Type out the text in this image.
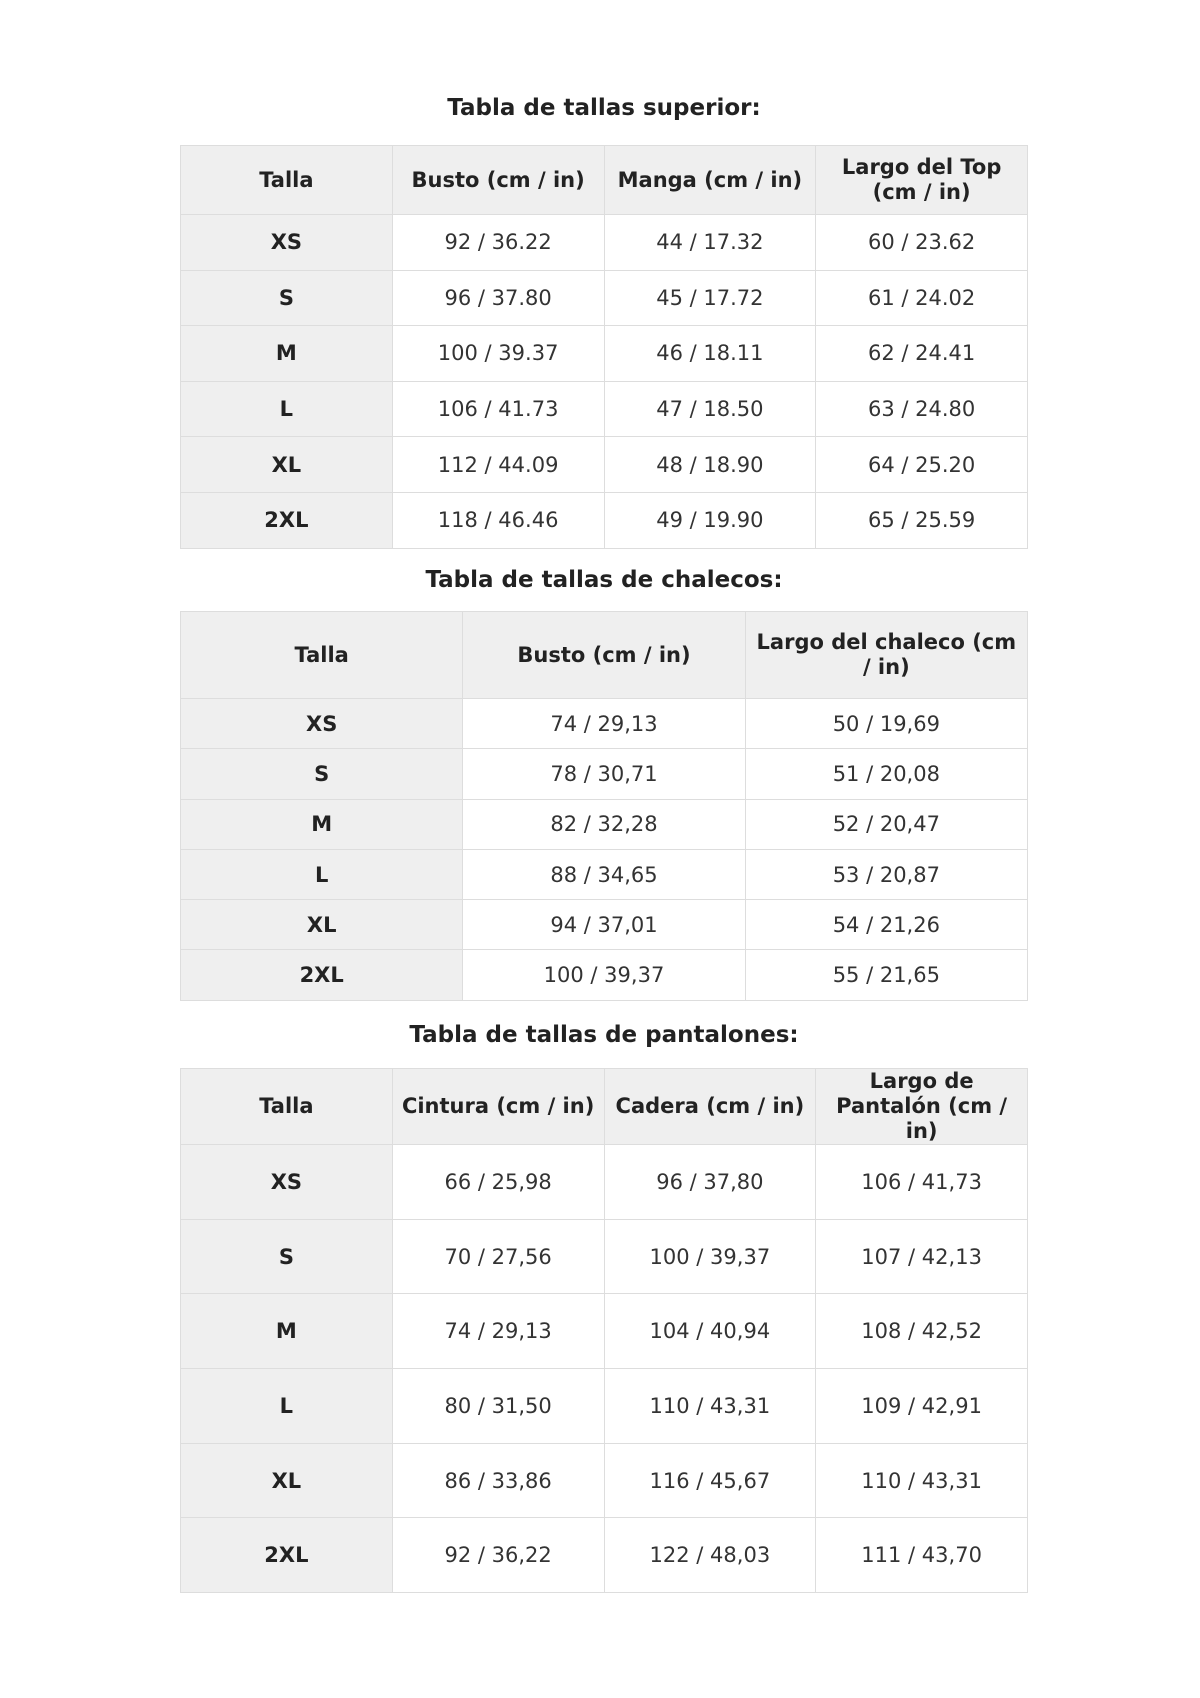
Tabla de tallas superior:
Talla	Busto (cm / in)	Manga (cm / in)	Largo del Top (cm / in)
XS	92 / 36.22	44 / 17.32	60 / 23.62
S	96 / 37.80	45 / 17.72	61 / 24.02
M	100 / 39.37	46 / 18.11	62 / 24.41
L	106 / 41.73	47 / 18.50	63 / 24.80
XL	112 / 44.09	48 / 18.90	64 / 25.20
2XL	118 / 46.46	49 / 19.90	65 / 25.59
Tabla de tallas de chalecos:
Talla	Busto (cm / in)	Largo del chaleco (cm / in)
XS	74 / 29,13	50 / 19,69
S	78 / 30,71	51 / 20,08
M	82 / 32,28	52 / 20,47
L	88 / 34,65	53 / 20,87
XL	94 / 37,01	54 / 21,26
2XL	100 / 39,37	55 / 21,65
Tabla de tallas de pantalones:
Talla	Cintura (cm / in)	Cadera (cm / in)	Largo de Pantalón (cm / in)
XS	66 / 25,98	96 / 37,80	106 / 41,73
S	70 / 27,56	100 / 39,37	107 / 42,13
M	74 / 29,13	104 / 40,94	108 / 42,52
L	80 / 31,50	110 / 43,31	109 / 42,91
XL	86 / 33,86	116 / 45,67	110 / 43,31
2XL	92 / 36,22	122 / 48,03	111 / 43,70
